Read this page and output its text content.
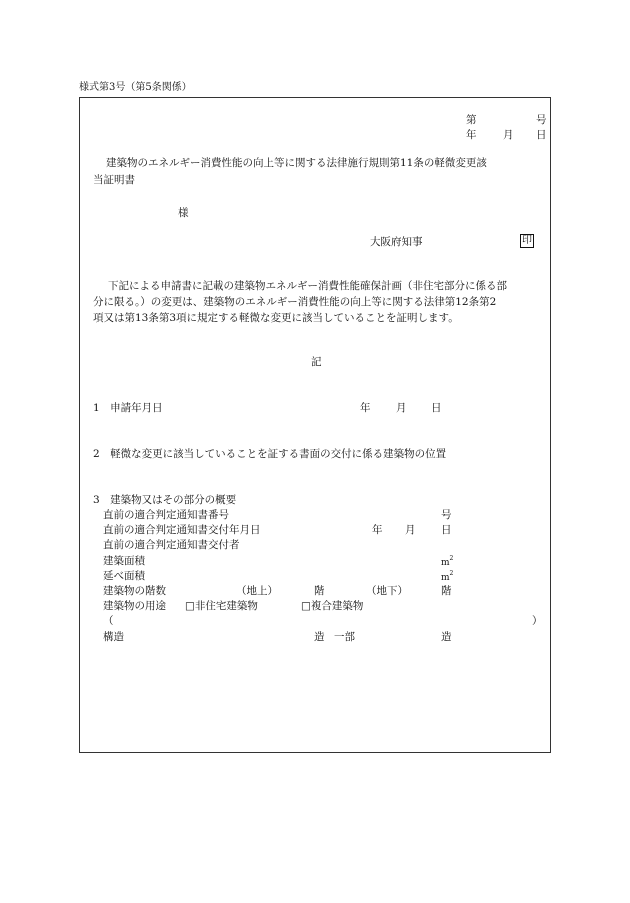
様式第3号（第5条関係）
第	号
年	月 日
建築物のエネルギー消費性能の向上等に関する法律施行規則第11条の軽微変更該
当証明書
様
大阪府知事	印
下記による申請書に記載の建築物エネルギー消費性能確保計画（非住宅部分に係る部
分に限る。）の変更は、建築物のエネルギー消費性能の向上等に関する法律第12条第2
項又は第13条第3項に規定する軽微な変更に該当していることを証明します。
記
1　申請年月日	年 月 日
2　軽微な変更に該当していることを証する書面の交付に係る建築物の位置
3　建築物又はその部分の概要
直前の適合判定通知書番号	号
直前の適合判定通知書交付年月日	年 月 日
直前の適合判定通知書交付者
建築面積	$m^2$
延べ面積	$m^2$
建築物の階数	（地上）	階	（地下）	階
建築物の用途 □非住宅建築物	□複合建築物
（	）
構造	造 一部	造
